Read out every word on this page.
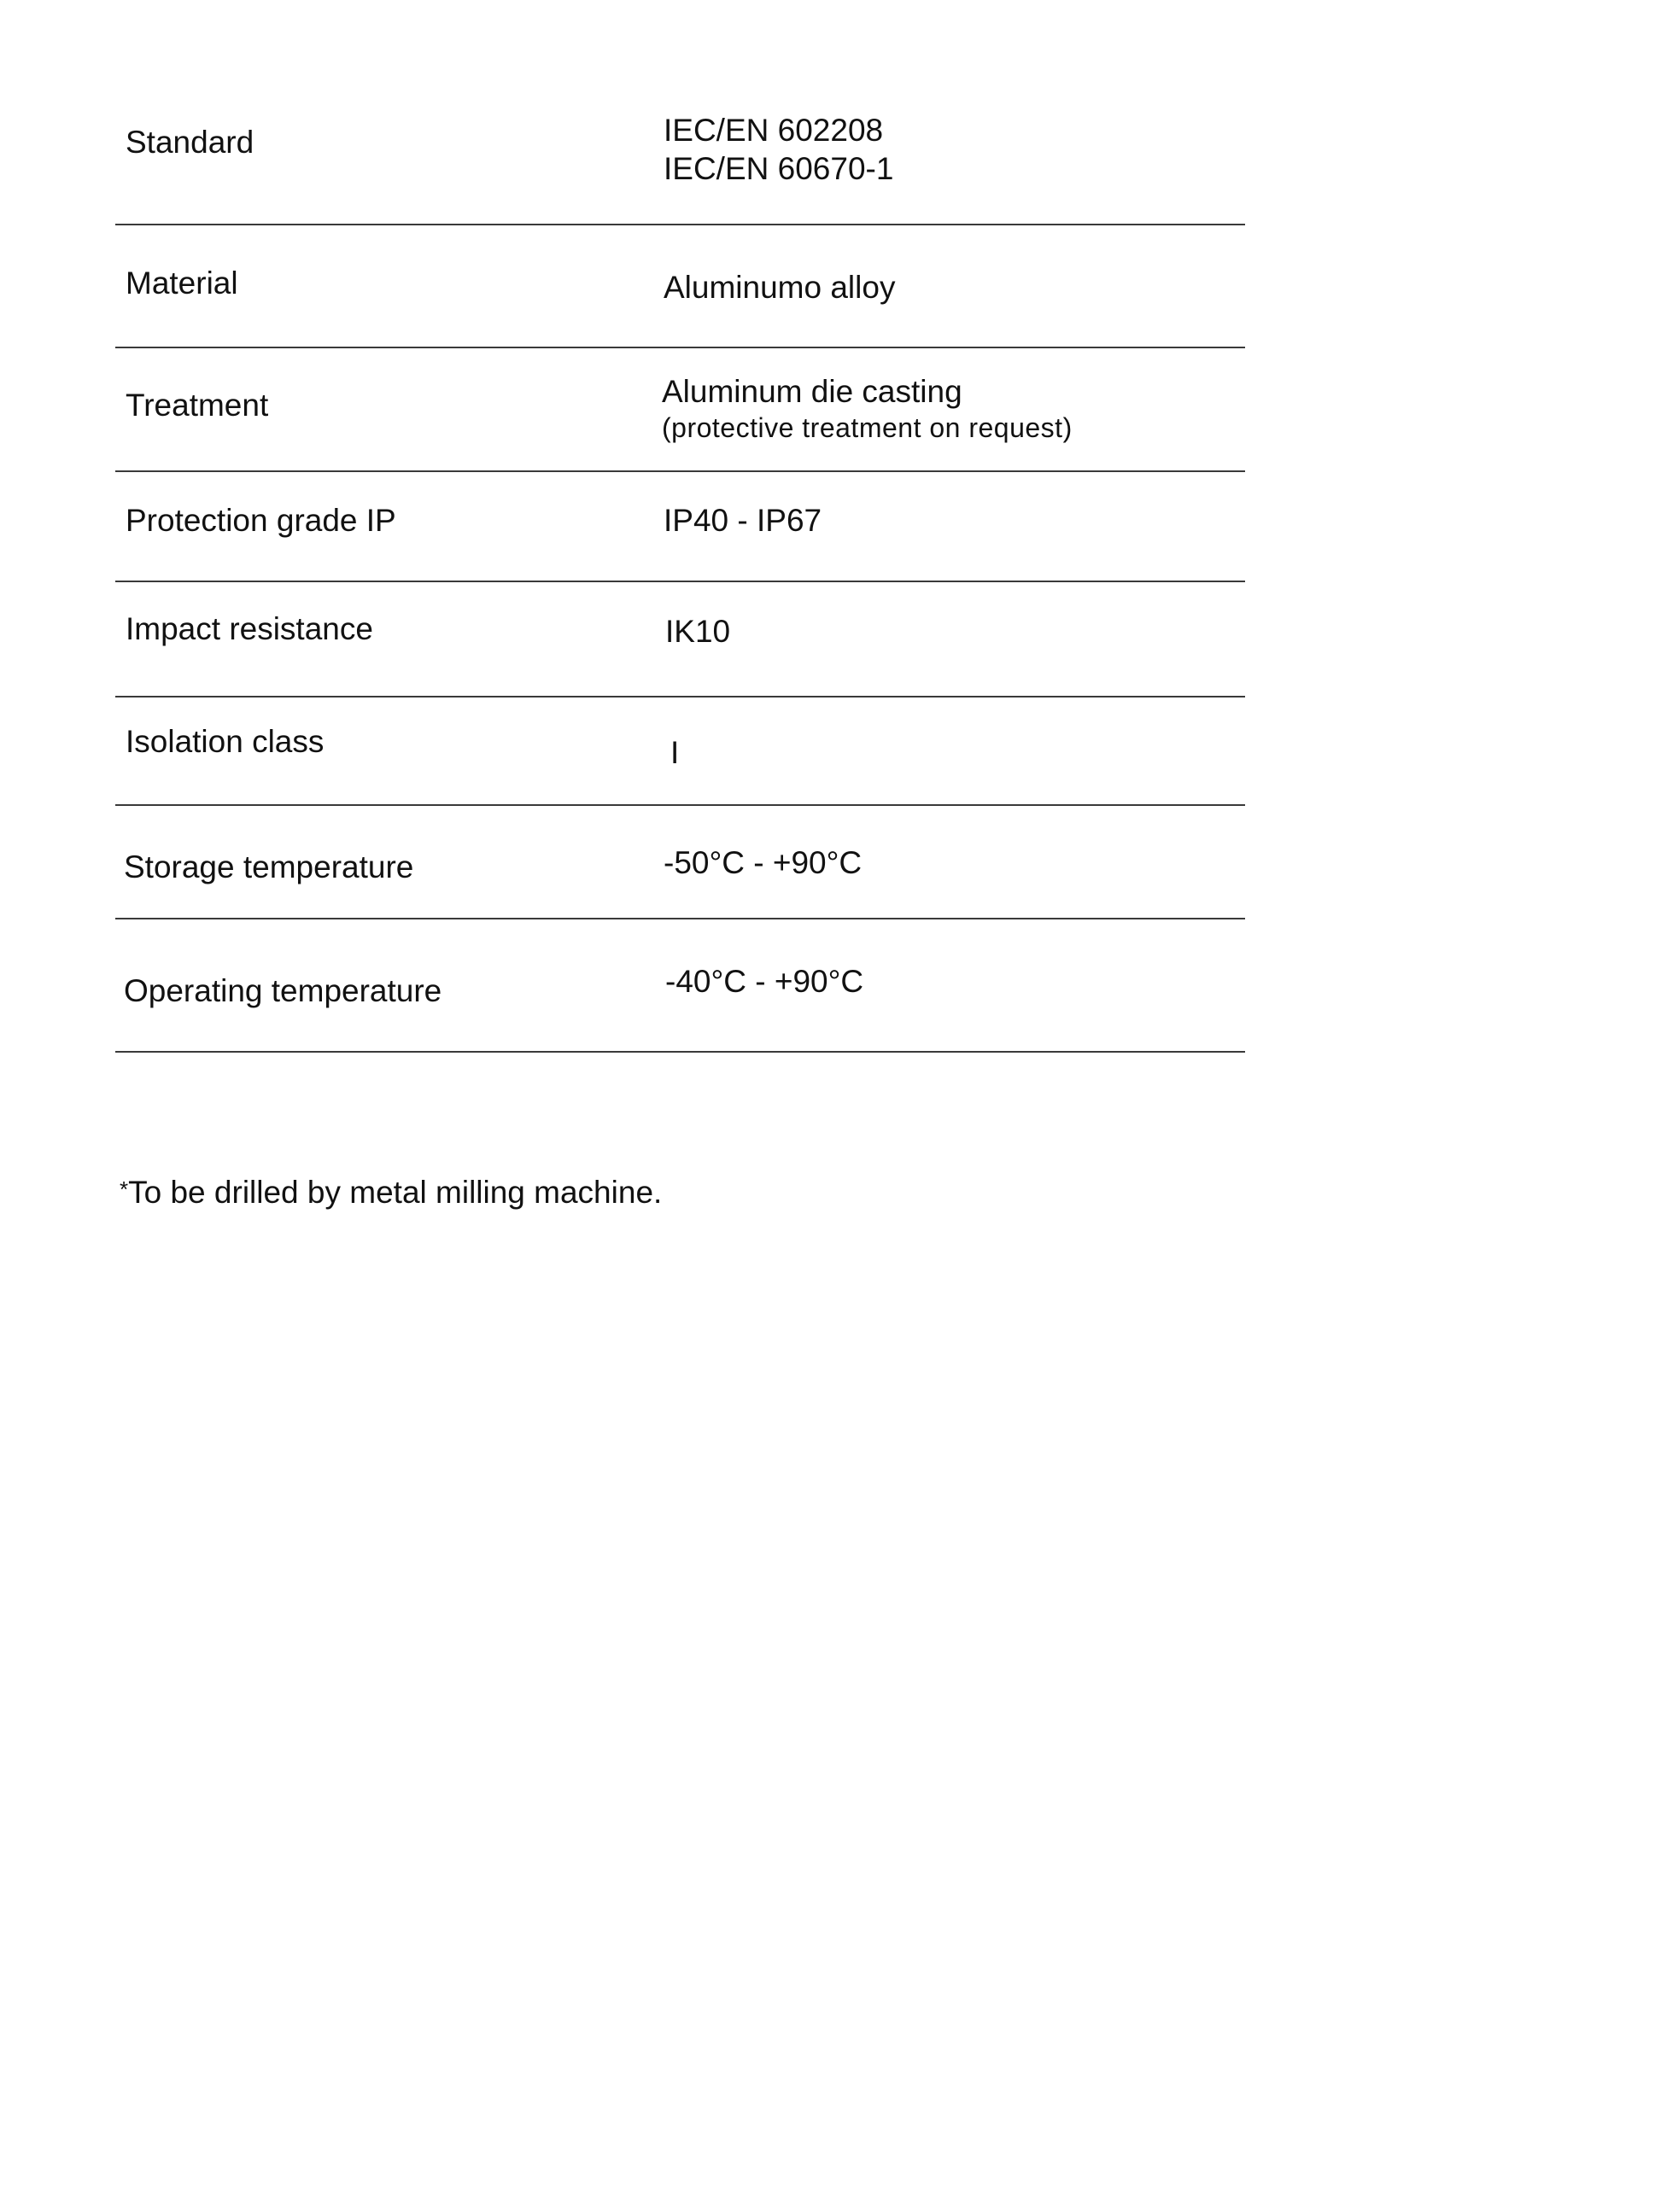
Standard	IEC/EN 602208
IEC/EN 60670-1
Material	Aluminumo alloy
Treatment	Aluminum die casting
(protective treatment on request)
Protection grade IP	IP40 - IP67
Impact resistance	IK10
Isolation class	I
Storage temperature	-50°C - +90°C
Operating temperature	-40°C - +90°C
*To be drilled by metal milling machine.
